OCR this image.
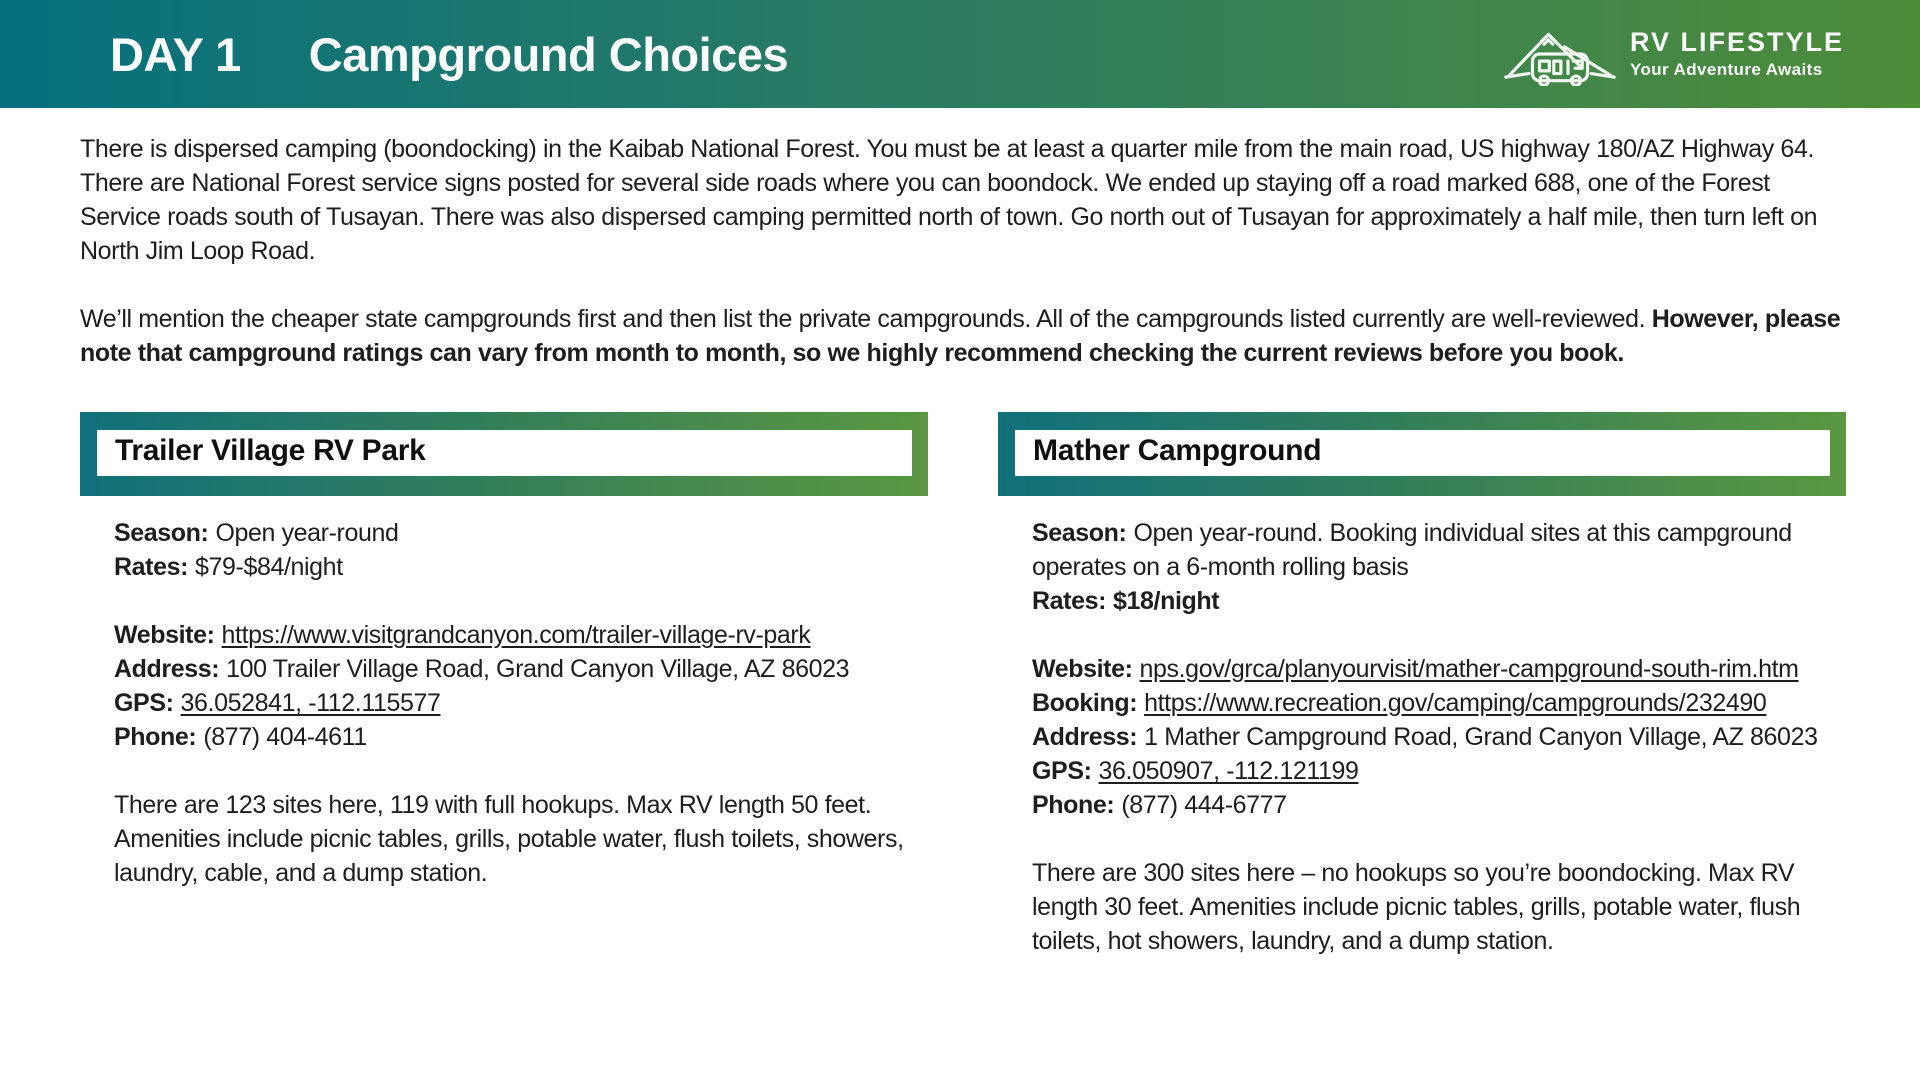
DAY 1 Campground Choices	RV LIFESTYLE
Your Adventure Awaits

There is dispersed camping (boondocking) in the Kaibab National Forest. You must be at least a quarter mile from the main road, US highway 180/AZ Highway 64. There are National Forest service signs posted for several side roads where you can boondock. We ended up staying off a road marked 688, one of the Forest Service roads south of Tusayan. There was also dispersed camping permitted north of town. Go north out of Tusayan for approximately a half mile, then turn left on North Jim Loop Road.

We’ll mention the cheaper state campgrounds first and then list the private campgrounds. All of the campgrounds listed currently are well-reviewed. However, please note that campground ratings can vary from month to month, so we highly recommend checking the current reviews before you book.

Trailer Village RV Park
Season: Open year-round
Rates: $79-$84/night
Website: https://www.visitgrandcanyon.com/trailer-village-rv-park
Address: 100 Trailer Village Road, Grand Canyon Village, AZ 86023
GPS: 36.052841, -112.115577
Phone: (877) 404-4611

There are 123 sites here, 119 with full hookups. Max RV length 50 feet. Amenities include picnic tables, grills, potable water, flush toilets, showers, laundry, cable, and a dump station.

Mather Campground
Season: Open year-round. Booking individual sites at this campground operates on a 6-month rolling basis
Rates: $18/night
Website: nps.gov/grca/planyourvisit/mather-campground-south-rim.htm
Booking: https://www.recreation.gov/camping/campgrounds/232490
Address: 1 Mather Campground Road, Grand Canyon Village, AZ 86023
GPS: 36.050907, -112.121199
Phone: (877) 444-6777

There are 300 sites here – no hookups so you’re boondocking. Max RV length 30 feet. Amenities include picnic tables, grills, potable water, flush toilets, hot showers, laundry, and a dump station.
